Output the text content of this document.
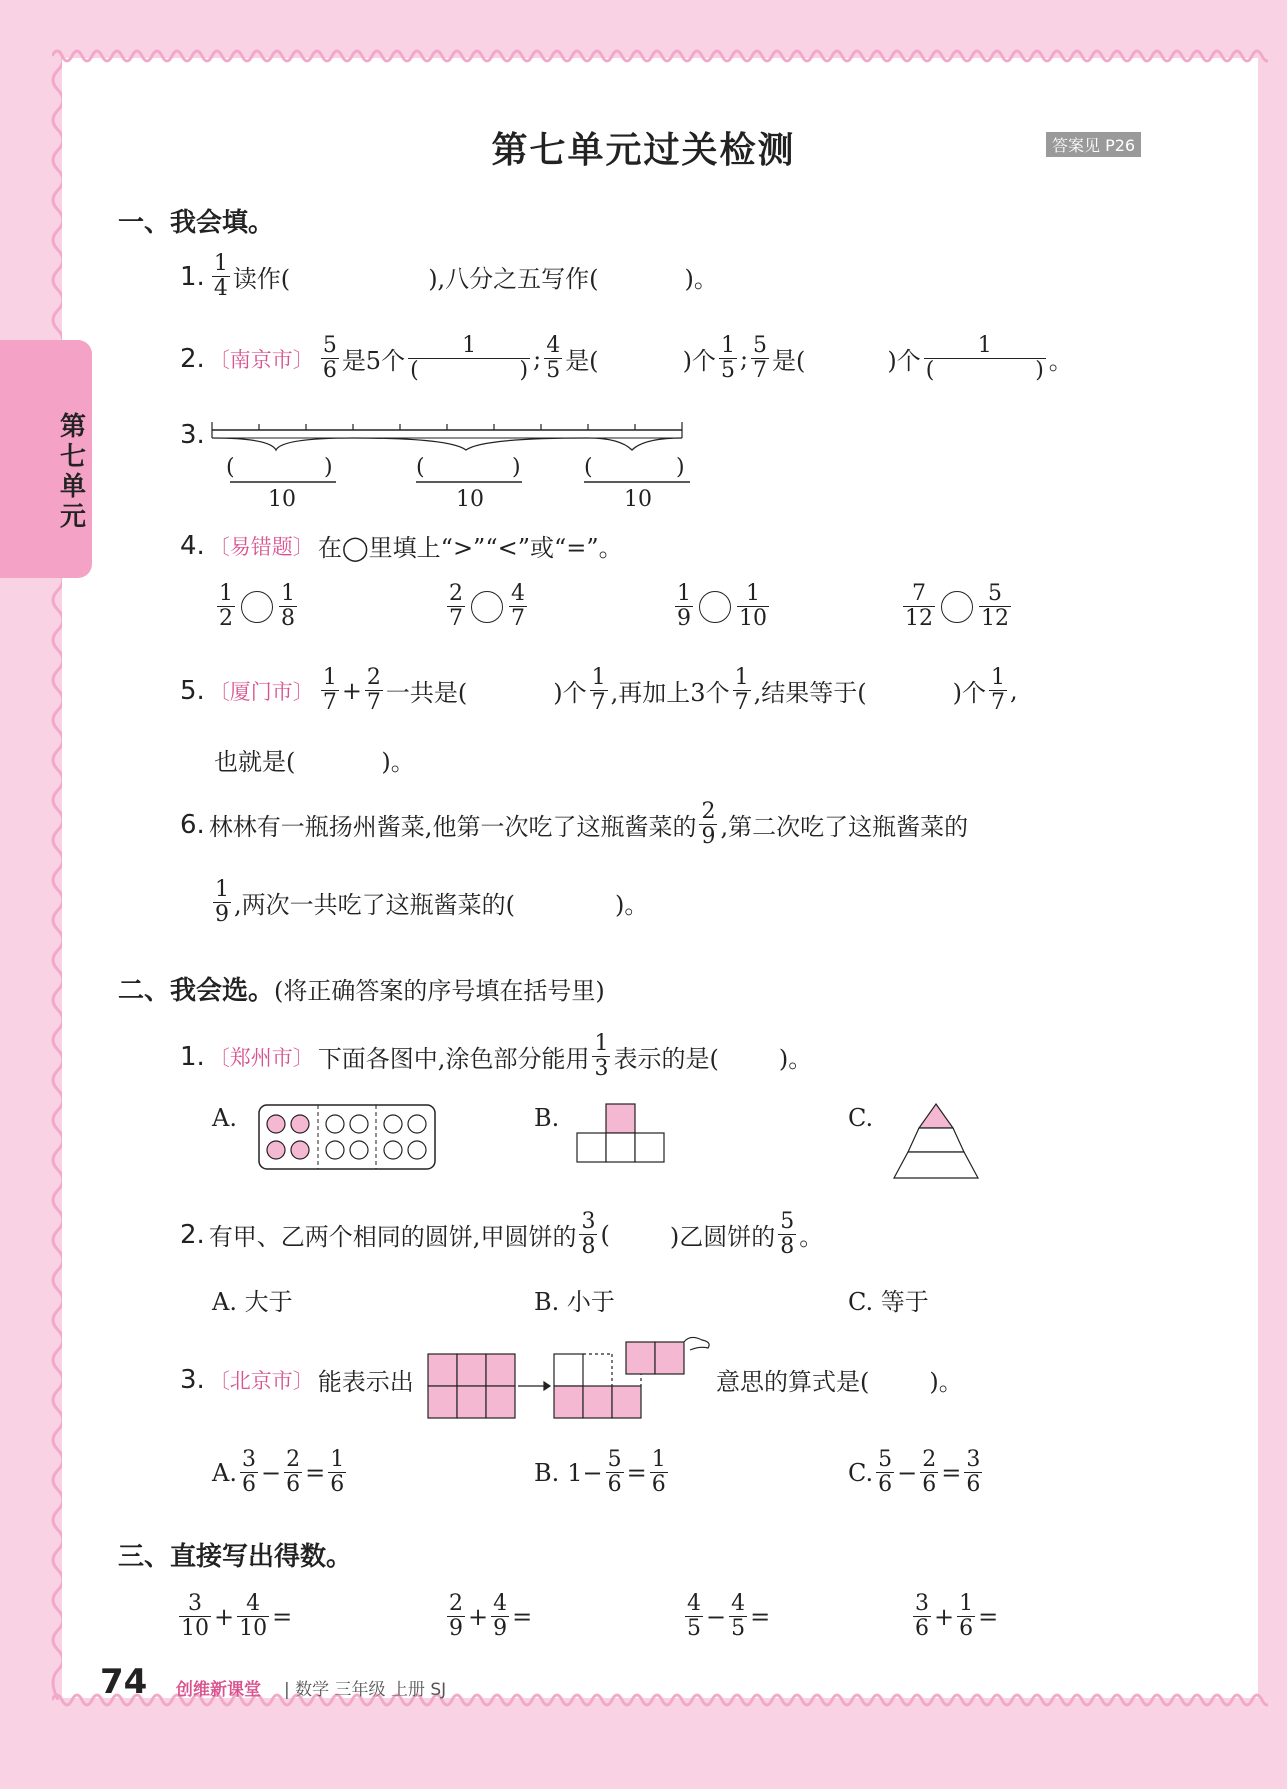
第七单元
第七单元过关检测	答案见 P26
一、我会填。
1. 1
4 读作(	),八分之五写作(	)。
2. 〔南京市〕
5
6 是5个
1
(	) ; 4
5 是(	)个
1
5 ; 5
7 是(	)个
1
(	) 。
3.
(	)
10
(	)
10
(	)
10
4. 〔易错题〕 在◯里填上“>”“<”或“=”。
1
2
1
8
2
7
4
7
1
9
1
10
7
12
5
12
5. 〔厦门市〕
1
$7 + \frac{2}{7}$ 一共是(	)个
1
7 ,再加上3个
1
7 ,结果等于(	)个
1
7 ,
也就是(	)。
6. 林林有一瓶扬州酱菜,他第一次吃了这瓶酱菜的
2
9 ,第二次吃了这瓶酱菜的
1
9 ,两次一共吃了这瓶酱菜的(	)。
二、我会选。(将正确答案的序号填在括号里)
1. 〔郑州市〕 下面各图中,涂色部分能用
1
3 表示的是(	)。
A.	B.	C.
2. 有甲、乙两个相同的圆饼,甲圆饼的
3
8 (	)乙圆饼的
5
8 。
A. 大于	B. 小于	C. 等于
3. 〔北京市〕 能表示出	意思的算式是(	)。
A. 3
$6 - \frac{2}{6} = \frac{1}{6}$	B. $1- \frac{5}{6} = \frac{1}{6}$	C. 5
$6 - \frac{2}{6} = \frac{3}{6}$
三、直接写出得数。
3
$10 + \frac{4}{10}$ =	2
$9 + \frac{4}{9}$ =	4
$5 - \frac{4}{5}$ =	3
$6 + \frac{1}{6}$ =
74 创维新课堂 | 数学 三年级 上册 SJ
